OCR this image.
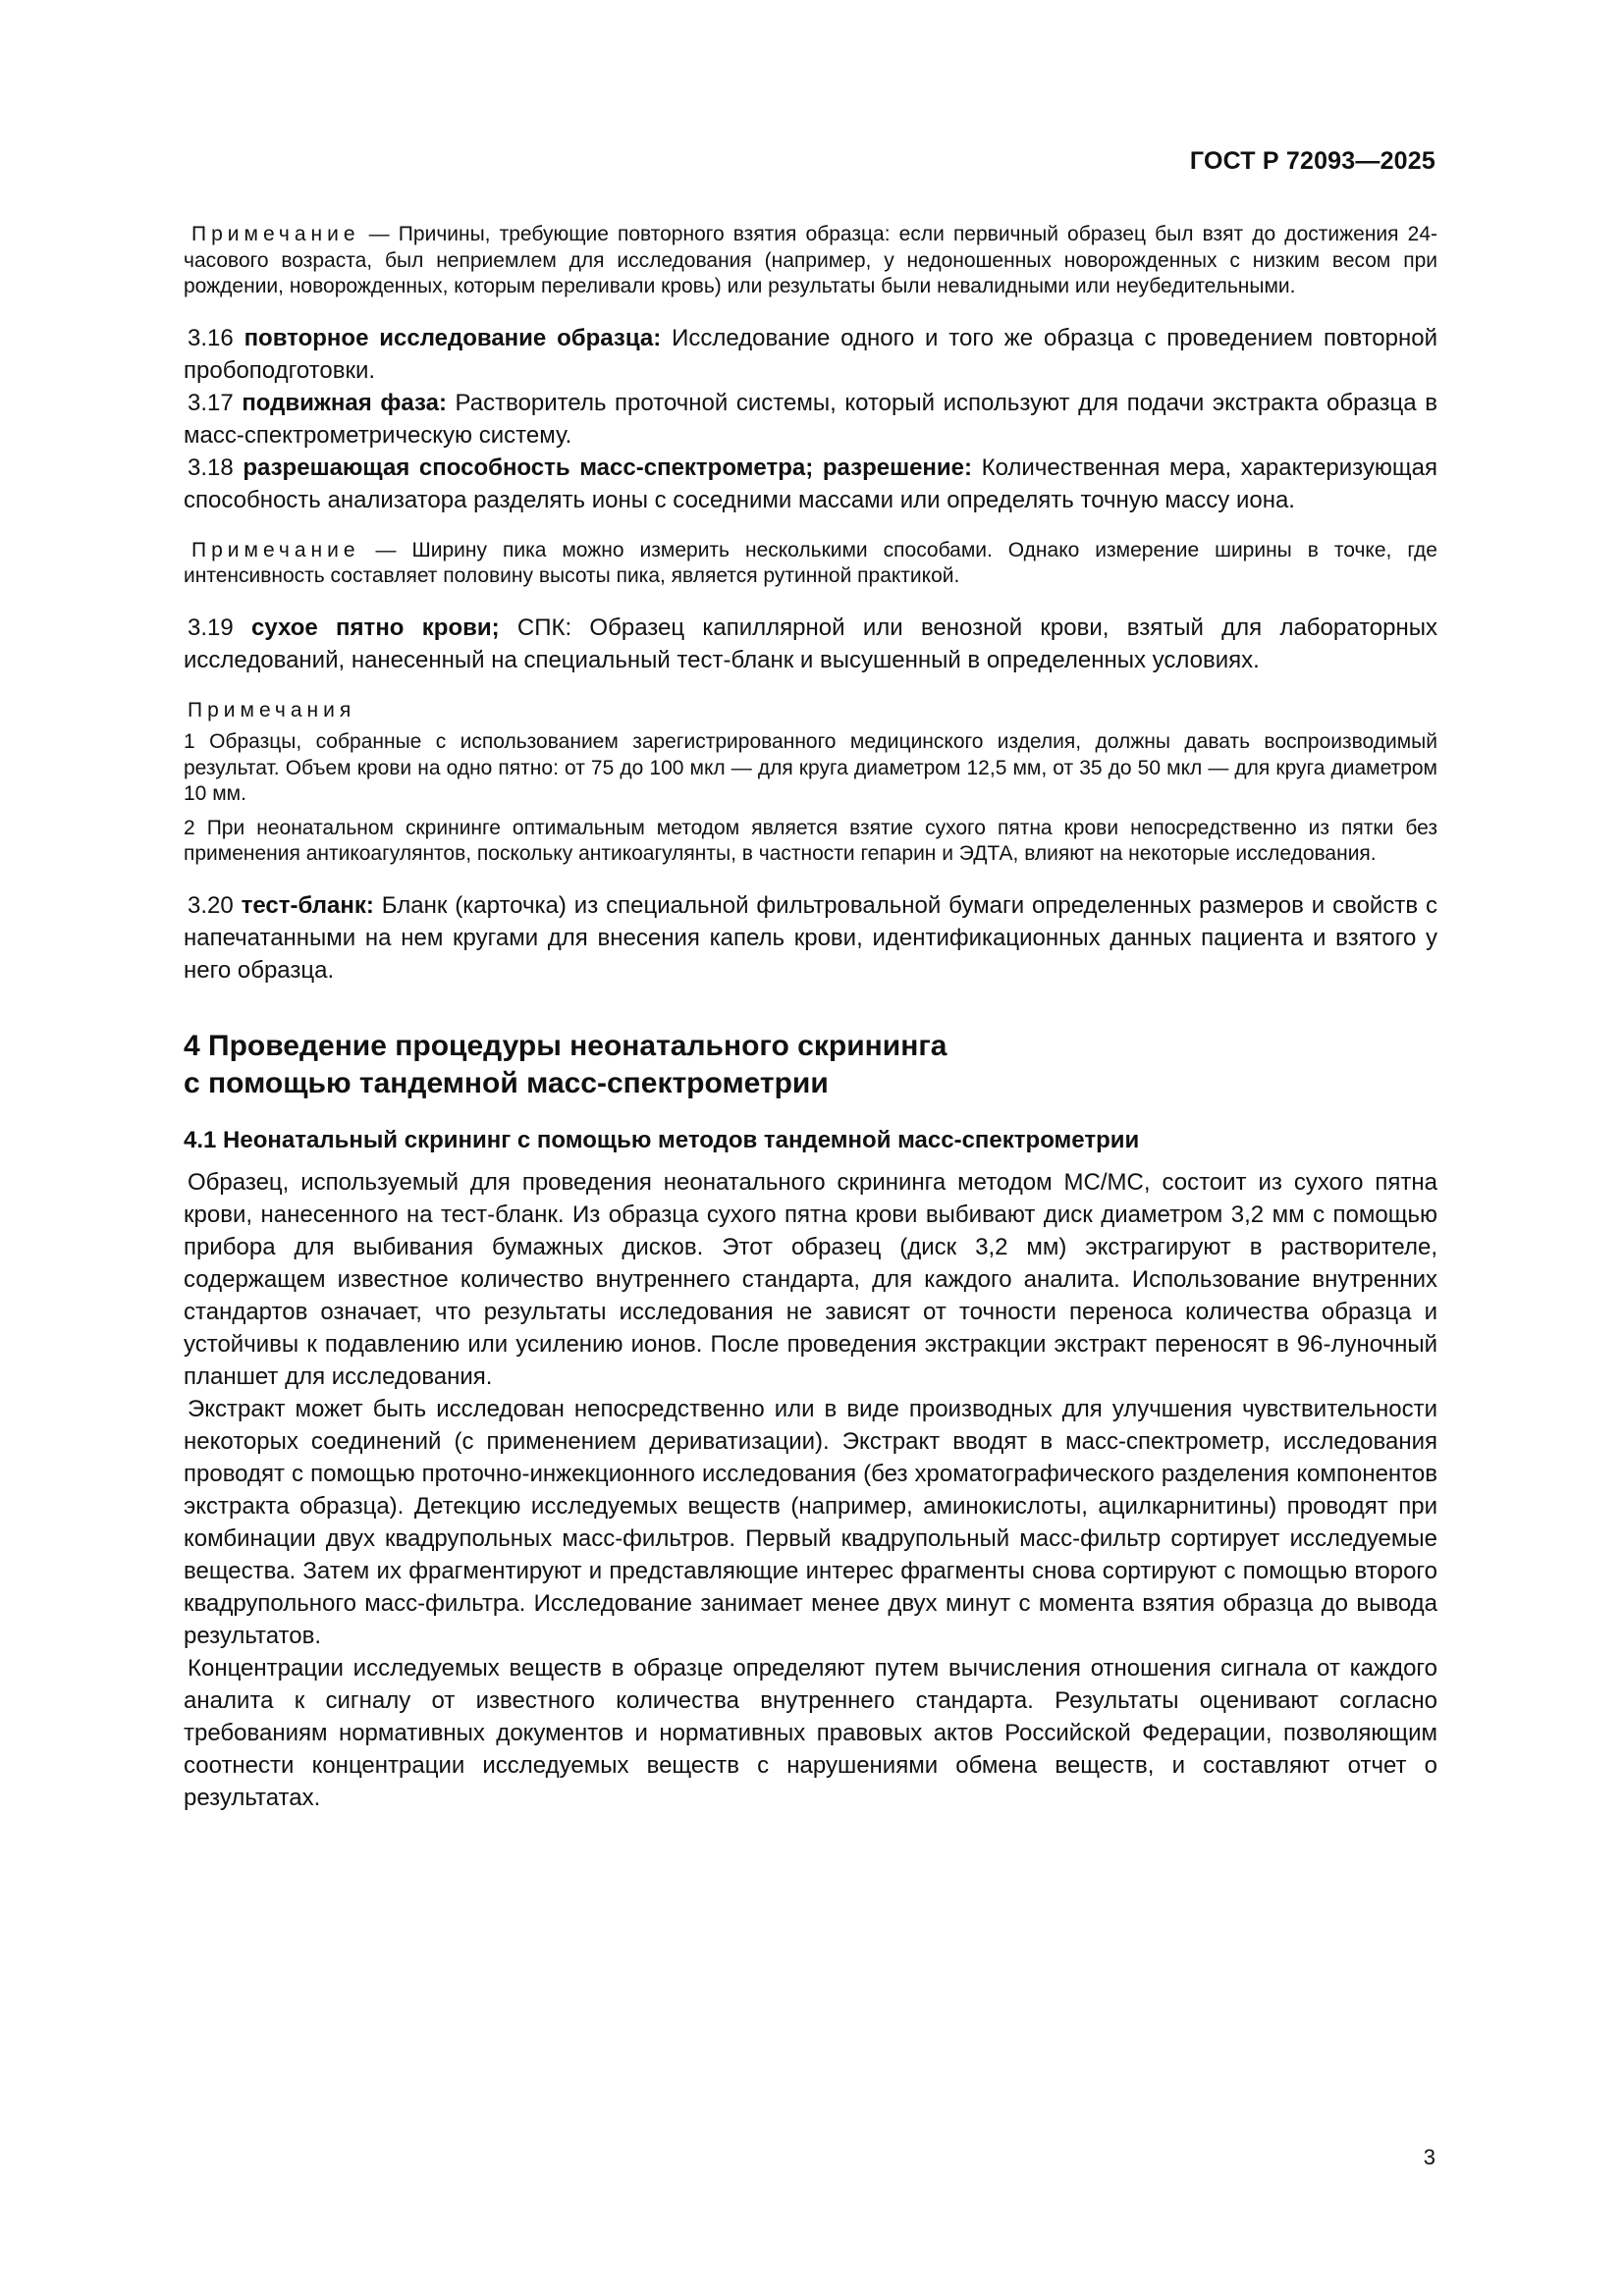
ГОСТ Р 72093—2025
Примечание — Причины, требующие повторного взятия образца: если первичный образец был взят до достижения 24-часового возраста, был неприемлем для исследования (например, у недоношенных новорожденных с низким весом при рождении, новорожденных, которым переливали кровь) или результаты были невалидными или неубедительными.
3.16 повторное исследование образца: Исследование одного и того же образца с проведением повторной пробоподготовки.
3.17 подвижная фаза: Растворитель проточной системы, который используют для подачи экстракта образца в масс-спектрометрическую систему.
3.18 разрешающая способность масс-спектрометра; разрешение: Количественная мера, характеризующая способность анализатора разделять ионы с соседними массами или определять точную массу иона.
Примечание — Ширину пика можно измерить несколькими способами. Однако измерение ширины в точке, где интенсивность составляет половину высоты пика, является рутинной практикой.
3.19 сухое пятно крови; СПК: Образец капиллярной или венозной крови, взятый для лабораторных исследований, нанесенный на специальный тест-бланк и высушенный в определенных условиях.
Примечания
1 Образцы, собранные с использованием зарегистрированного медицинского изделия, должны давать воспроизводимый результат. Объем крови на одно пятно: от 75 до 100 мкл — для круга диаметром 12,5 мм, от 35 до 50 мкл — для круга диаметром 10 мм.
2 При неонатальном скрининге оптимальным методом является взятие сухого пятна крови непосредственно из пятки без применения антикоагулянтов, поскольку антикоагулянты, в частности гепарин и ЭДТА, влияют на некоторые исследования.
3.20 тест-бланк: Бланк (карточка) из специальной фильтровальной бумаги определенных размеров и свойств с напечатанными на нем кругами для внесения капель крови, идентификационных данных пациента и взятого у него образца.
4 Проведение процедуры неонатального скрининга
с помощью тандемной масс-спектрометрии
4.1 Неонатальный скрининг с помощью методов тандемной масс-спектрометрии

Образец, используемый для проведения неонатального скрининга методом МС/МС, состоит из сухого пятна крови, нанесенного на тест-бланк. Из образца сухого пятна крови выбивают диск диаметром 3,2 мм с помощью прибора для выбивания бумажных дисков. Этот образец (диск 3,2 мм) экстрагируют в растворителе, содержащем известное количество внутреннего стандарта, для каждого аналита. Использование внутренних стандартов означает, что результаты исследования не зависят от точности переноса количества образца и устойчивы к подавлению или усилению ионов. После проведения экстракции экстракт переносят в 96-луночный планшет для исследования.

Экстракт может быть исследован непосредственно или в виде производных для улучшения чувствительности некоторых соединений (с применением дериватизации). Экстракт вводят в масс-спектрометр, исследования проводят с помощью проточно-инжекционного исследования (без хроматографического разделения компонентов экстракта образца). Детекцию исследуемых веществ (например, аминокислоты, ацилкарнитины) проводят при комбинации двух квадрупольных масс-фильтров. Первый квадрупольный масс-фильтр сортирует исследуемые вещества. Затем их фрагментируют и представляющие интерес фрагменты снова сортируют с помощью второго квадрупольного масс-фильтра. Исследование занимает менее двух минут с момента взятия образца до вывода результатов.

Концентрации исследуемых веществ в образце определяют путем вычисления отношения сигнала от каждого аналита к сигналу от известного количества внутреннего стандарта. Результаты оценивают согласно требованиям нормативных документов и нормативных правовых актов Российской Федерации, позволяющим соотнести концентрации исследуемых веществ с нарушениями обмена веществ, и составляют отчет о результатах.

3
